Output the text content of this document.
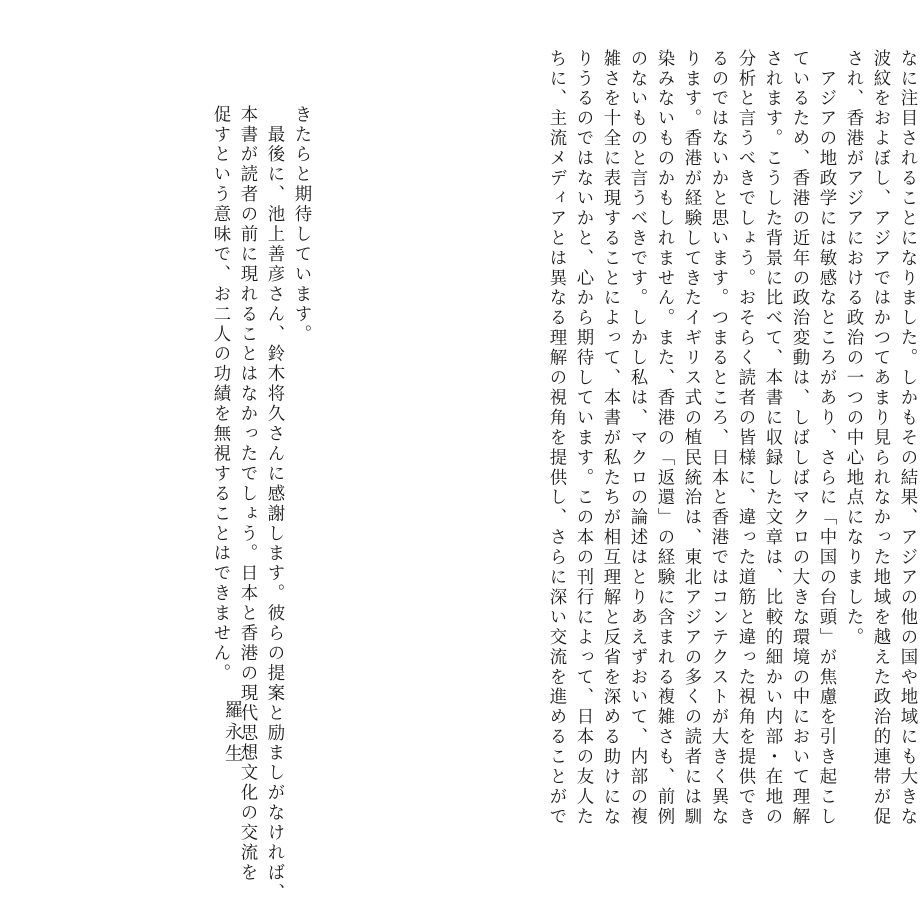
なに注目されることになりました。しかもその結果、アジアの他の国や地域にも大きな
波紋をおよぼし、アジアではかつてあまり見られなかった地域を越えた政治的連帯が促
され、香港がアジアにおける政治の一つの中心地点になりました。
　アジアの地政学には敏感なところがあり、さらに「中国の台頭」が焦慮を引き起こし
ているため、香港の近年の政治変動は、しばしばマクロの大きな環境の中において理解
されます。こうした背景に比べて、本書に収録した文章は、比較的細かい内部・在地の
分析と言うべきでしょう。おそらく読者の皆様に、違った道筋と違った視角を提供でき
るのではないかと思います。つまるところ、日本と香港ではコンテクストが大きく異な
ります。香港が経験してきたイギリス式の植民統治は、東北アジアの多くの読者には馴
染みないものかもしれません。また、香港の「返還」の経験に含まれる複雑さも、前例
のないものと言うべきです。しかし私は、マクロの論述はとりあえずおいて、内部の複
雑さを十全に表現することによって、本書が私たちが相互理解と反省を深める助けにな
りうるのではないかと、心から期待しています。この本の刊行によって、日本の友人た
ちに、主流メディアとは異なる理解の視角を提供し、さらに深い交流を進めることがで

きたらと期待しています。
　最後に、池上善彦さん、鈴木将久さんに感謝します。彼らの提案と励ましがなければ、
本書が読者の前に現れることはなかったでしょう。日本と香港の現代思想文化の交流を
促すという意味で、お二人の功績を無視することはできません。

羅永生
